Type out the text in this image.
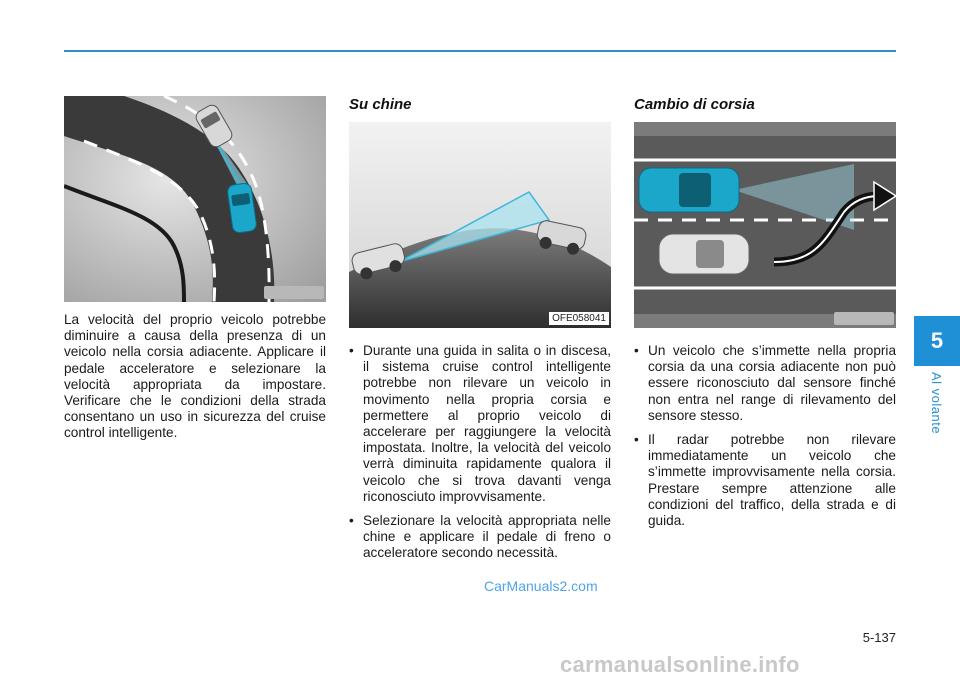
5
Al volante
OFE058040

La velocità del proprio veicolo potrebbe diminuire a causa della presenza di un veicolo nella corsia adiacente. Applicare il pedale acceleratore e selezionare la velocità appropriata da impostare. Verificare che le condizioni della strada consentano un uso in sicurezza del cruise control intelligente.

Su chine
OFE058041
• Durante una guida in salita o in discesa, il sistema cruise control intelligente potrebbe non rilevare un veicolo in movimento nella propria corsia e permettere al proprio veicolo di accelerare per raggiungere la velocità impostata. Inoltre, la velocità del veicolo verrà diminuita rapidamente qualora il veicolo che si trova davanti venga riconosciuto improvvisamente.
• Selezionare la velocità appropriata nelle chine e applicare il pedale di freno o acceleratore secondo necessità.
Cambio di corsia
OFE058042
• Un veicolo che s’immette nella propria corsia da una corsia adiacente non può essere riconosciuto dal sensore finché non entra nel range di rilevamento del sensore stesso.
• Il radar potrebbe non rilevare immediatamente un veicolo che s’immette improvvisamente nella corsia. Prestare sempre attenzione alle condizioni del traffico, della strada e di guida.
5-137
CarManuals2.com
carmanualsonline.info
